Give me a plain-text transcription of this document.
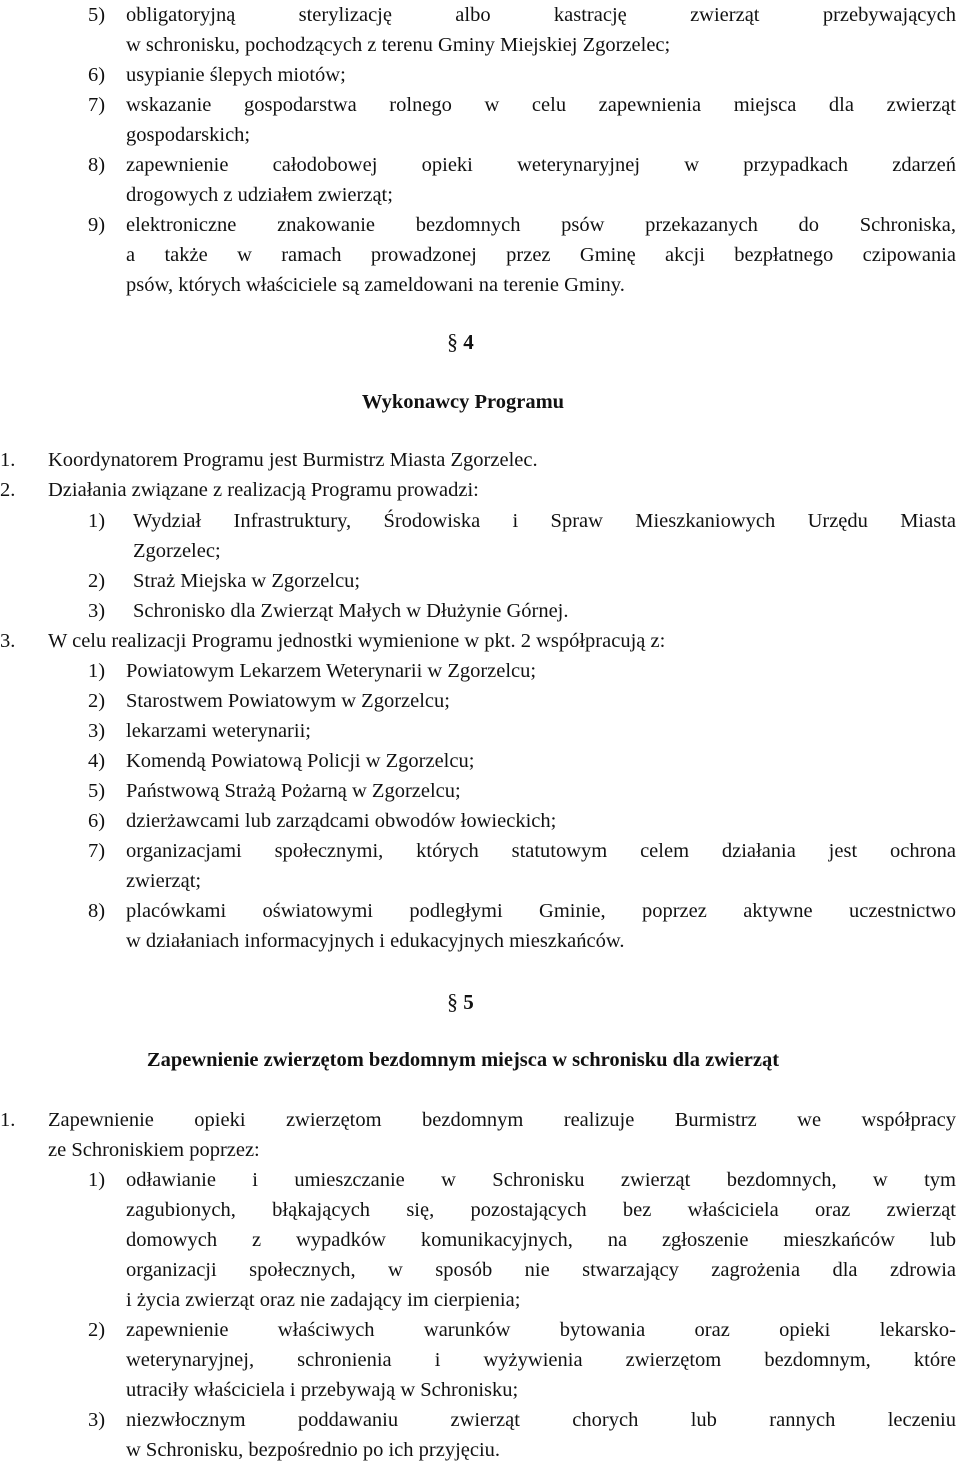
5) obligatoryjną sterylizację albo kastrację zwierząt przebywających
w schronisku, pochodzących z terenu Gminy Miejskiej Zgorzelec;
6) usypianie ślepych miotów;
7) wskazanie gospodarstwa rolnego w celu zapewnienia miejsca dla zwierząt
gospodarskich;
8) zapewnienie całodobowej opieki weterynaryjnej w przypadkach zdarzeń
drogowych z udziałem zwierząt;
9) elektroniczne znakowanie bezdomnych psów przekazanych do Schroniska,
a także w ramach prowadzonej przez Gminę akcji bezpłatnego czipowania
psów, których właściciele są zameldowani na terenie Gminy.
§ 4
Wykonawcy Programu
1. Koordynatorem Programu jest Burmistrz Miasta Zgorzelec.
2. Działania związane z realizacją Programu prowadzi:
1) Wydział Infrastruktury, Środowiska i Spraw Mieszkaniowych Urzędu Miasta
Zgorzelec;
2) Straż Miejska w Zgorzelcu;
3) Schronisko dla Zwierząt Małych w Dłużynie Górnej.
3. W celu realizacji Programu jednostki wymienione w pkt. 2 współpracują z:
1) Powiatowym Lekarzem Weterynarii w Zgorzelcu;
2) Starostwem Powiatowym w Zgorzelcu;
3) lekarzami weterynarii;
4) Komendą Powiatową Policji w Zgorzelcu;
5) Państwową Strażą Pożarną w Zgorzelcu;
6) dzierżawcami lub zarządcami obwodów łowieckich;
7) organizacjami społecznymi, których statutowym celem działania jest ochrona
zwierząt;
8) placówkami oświatowymi podległymi Gminie, poprzez aktywne uczestnictwo
w działaniach informacyjnych i edukacyjnych mieszkańców.
§ 5
Zapewnienie zwierzętom bezdomnym miejsca w schronisku dla zwierząt
1. Zapewnienie opieki zwierzętom bezdomnym realizuje Burmistrz we współpracy
ze Schroniskiem poprzez:
1) odławianie i umieszczanie w Schronisku zwierząt bezdomnych, w tym
zagubionych, błąkających się, pozostających bez właściciela oraz zwierząt
domowych z wypadków komunikacyjnych, na zgłoszenie mieszkańców lub
organizacji społecznych, w sposób nie stwarzający zagrożenia dla zdrowia
i życia zwierząt oraz nie zadający im cierpienia;
2) zapewnienie właściwych warunków bytowania oraz opieki lekarsko-
weterynaryjnej, schronienia i wyżywienia zwierzętom bezdomnym, które
utraciły właściciela i przebywają w Schronisku;
3) niezwłocznym poddawaniu zwierząt chorych lub rannych leczeniu
w Schronisku, bezpośrednio po ich przyjęciu.
